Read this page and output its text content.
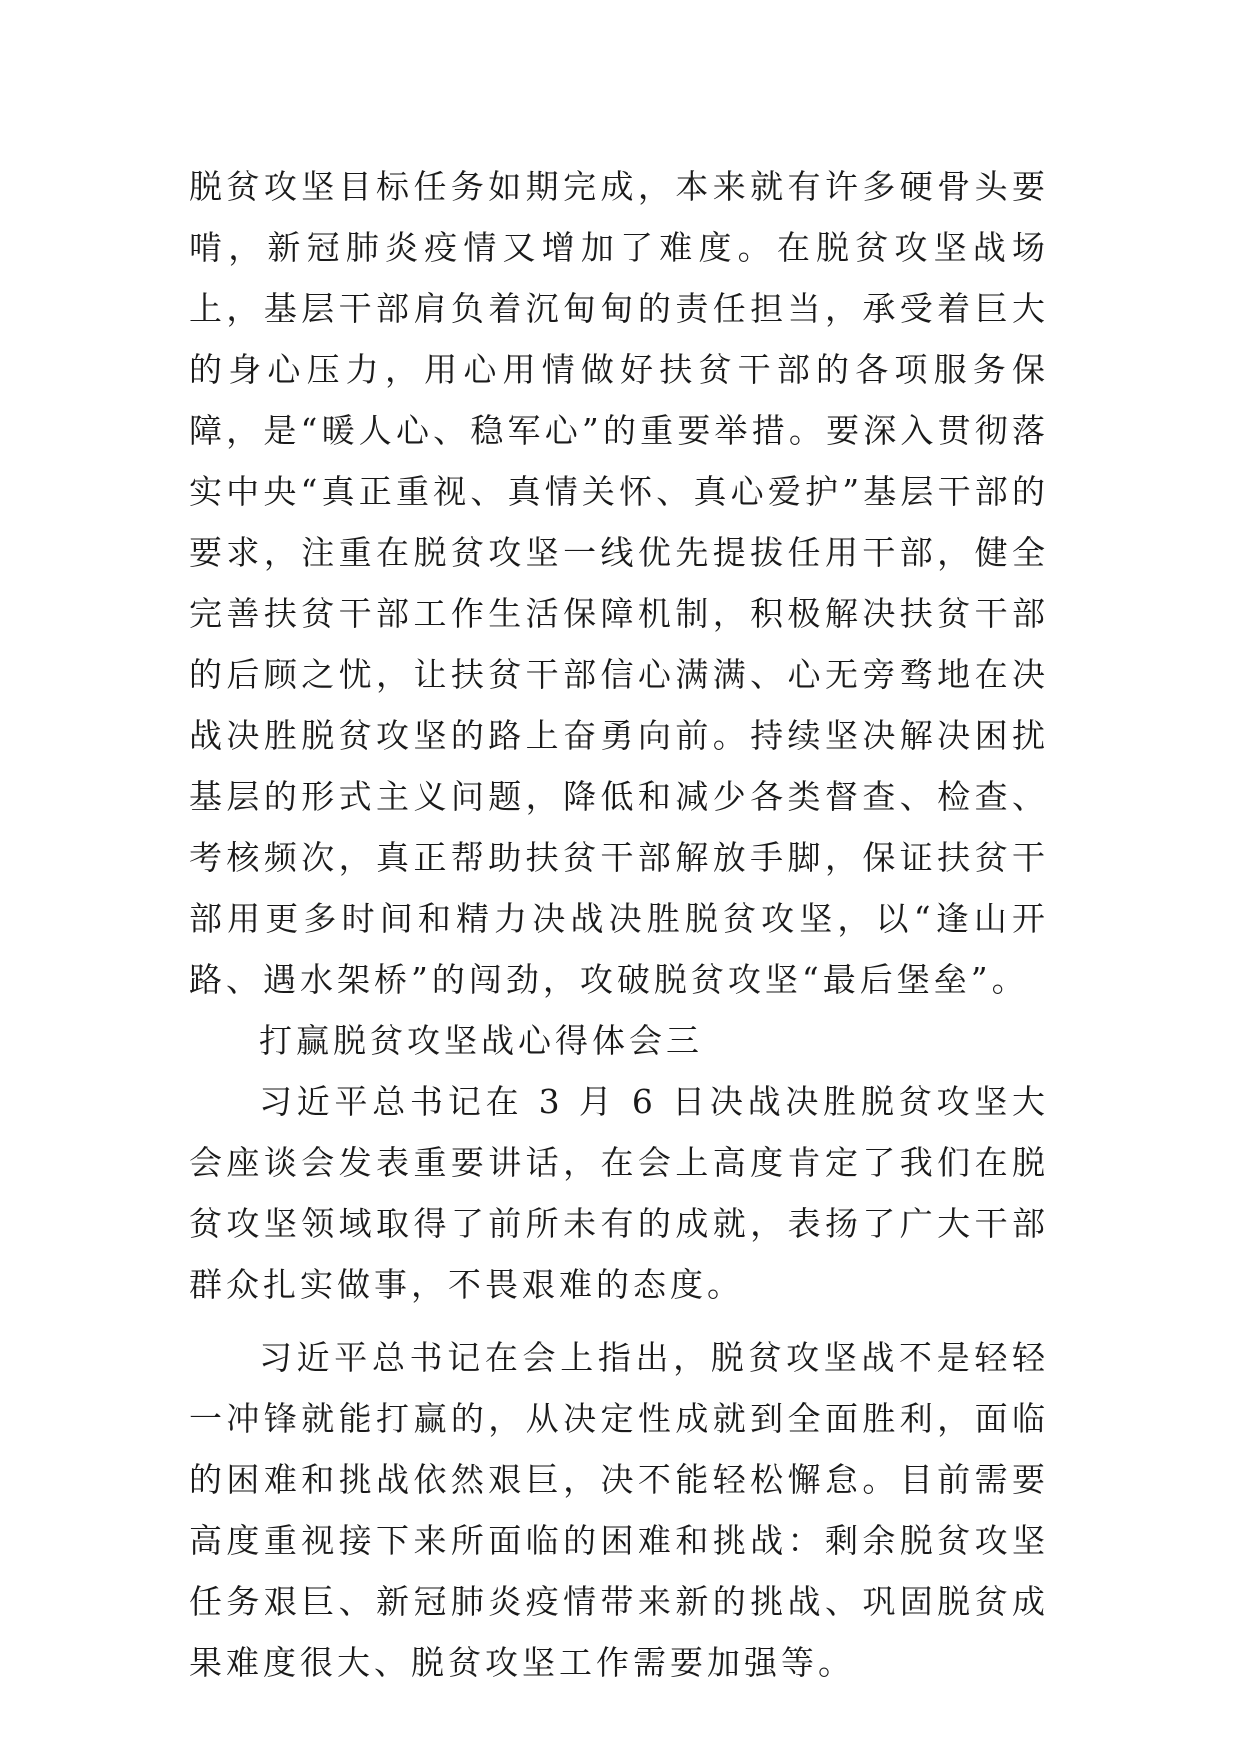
脱贫攻坚目标任务如期完成，本来就有许多硬骨头要啃，新冠肺炎疫情又增加了难度。在脱贫攻坚战场上，基层干部肩负着沉甸甸的责任担当，承受着巨大的身心压力，用心用情做好扶贫干部的各项服务保障，是“暖人心、稳军心”的重要举措。要深入贯彻落实中央“真正重视、真情关怀、真心爱护”基层干部的要求，注重在脱贫攻坚一线优先提拔任用干部，健全完善扶贫干部工作生活保障机制，积极解决扶贫干部的后顾之忧，让扶贫干部信心满满、心无旁骛地在决战决胜脱贫攻坚的路上奋勇向前。持续坚决解决困扰基层的形式主义问题，降低和减少各类督查、检查、考核频次，真正帮助扶贫干部解放手脚，保证扶贫干部用更多时间和精力决战决胜脱贫攻坚，以“逢山开路、遇水架桥”的闯劲，攻破脱贫攻坚“最后堡垒”。

打赢脱贫攻坚战心得体会三

习近平总书记在 3 月 6 日决战决胜脱贫攻坚大会座谈会发表重要讲话，在会上高度肯定了我们在脱贫攻坚领域取得了前所未有的成就，表扬了广大干部群众扎实做事，不畏艰难的态度。

习近平总书记在会上指出，脱贫攻坚战不是轻轻一冲锋就能打赢的，从决定性成就到全面胜利，面临的困难和挑战依然艰巨，决不能轻松懈怠。目前需要高度重视接下来所面临的困难和挑战：剩余脱贫攻坚任务艰巨、新冠肺炎疫情带来新的挑战、巩固脱贫成果难度很大、脱贫攻坚工作需要加强等。
